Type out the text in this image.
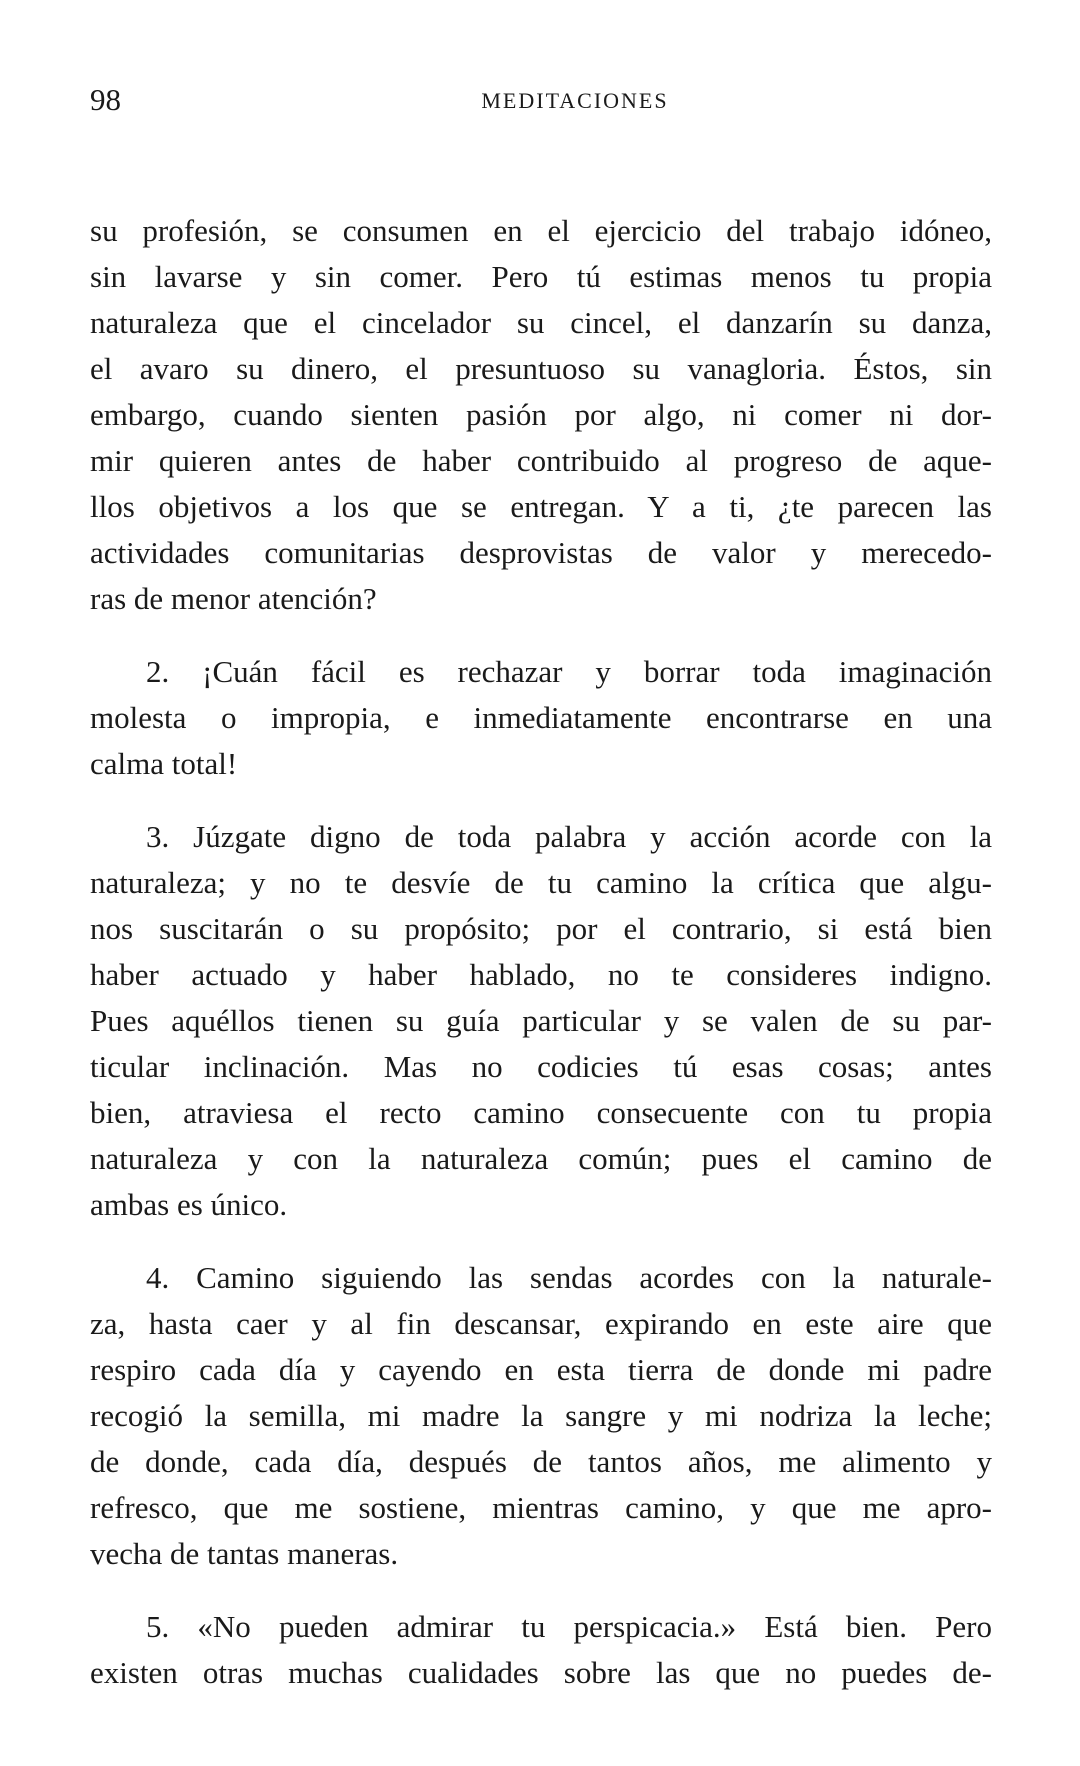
98	MEDITACIONES
su profesión, se consumen en el ejercicio del trabajo idóneo,
sin lavarse y sin comer. Pero tú estimas menos tu propia
naturaleza que el cincelador su cincel, el danzarín su danza,
el avaro su dinero, el presuntuoso su vanagloria. Éstos, sin
embargo, cuando sienten pasión por algo, ni comer ni dor-
mir quieren antes de haber contribuido al progreso de aque-
llos objetivos a los que se entregan. Y a ti, ¿te parecen las
actividades comunitarias desprovistas de valor y merecedo-
ras de menor atención?
2. ¡Cuán fácil es rechazar y borrar toda imaginación
molesta o impropia, e inmediatamente encontrarse en una
calma total!
3. Júzgate digno de toda palabra y acción acorde con la
naturaleza; y no te desvíe de tu camino la crítica que algu-
nos suscitarán o su propósito; por el contrario, si está bien
haber actuado y haber hablado, no te consideres indigno.
Pues aquéllos tienen su guía particular y se valen de su par-
ticular inclinación. Mas no codicies tú esas cosas; antes
bien, atraviesa el recto camino consecuente con tu propia
naturaleza y con la naturaleza común; pues el camino de
ambas es único.
4. Camino siguiendo las sendas acordes con la naturale-
za, hasta caer y al fin descansar, expirando en este aire que
respiro cada día y cayendo en esta tierra de donde mi padre
recogió la semilla, mi madre la sangre y mi nodriza la leche;
de donde, cada día, después de tantos años, me alimento y
refresco, que me sostiene, mientras camino, y que me apro-
vecha de tantas maneras.
5. «No pueden admirar tu perspicacia.» Está bien. Pero
existen otras muchas cualidades sobre las que no puedes de-
